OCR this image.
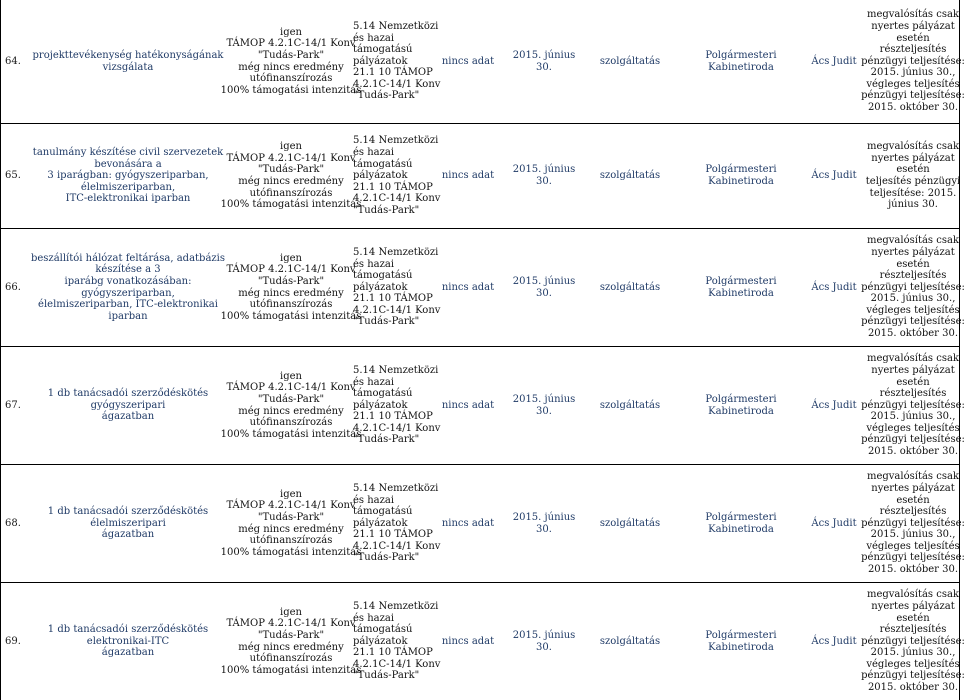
64.
projekttevékenység hatékonyságának vizsgálata
igen
TÁMOP 4.2.1C-14/1 Konv
"Tudás-Park"
még nincs eredmény
utófinanszírozás
100% támogatási intenzitás
5.14 Nemzetközi
és hazai
támogatású
pályázatok
21.1 10 TÁMOP
4.2.1C-14/1 Konv
"Tudás-Park"
nincs adat
2015. június 30.
szolgáltatás
Polgármesteri Kabinetiroda
Ács Judit
megvalósítás csak
nyertes pályázat
esetén
részteljesítés
pénzügyi teljesítése:
2015. június 30.,
végleges teljesítés
pénzügyi teljesítése:
2015. október 30.
65.
tanulmány készítése civil szervezetek bevonására a
3 iparágban: gyógyszeriparban, élelmiszeriparban,
ITC-elektronikai iparban
igen
TÁMOP 4.2.1C-14/1 Konv
"Tudás-Park"
még nincs eredmény
utófinanszírozás
100% támogatási intenzitás
5.14 Nemzetközi
és hazai
támogatású
pályázatok
21.1 10 TÁMOP
4.2.1C-14/1 Konv
"Tudás-Park"
nincs adat
2015. június 30.
szolgáltatás
Polgármesteri Kabinetiroda
Ács Judit
megvalósítás csak
nyertes pályázat
esetén
teljesítés pénzügyi
teljesítése: 2015.
június 30.
66.
beszállítói hálózat feltárása, adatbázis készítése a 3
iparábg vonatkozásában: gyógyszeriparban,
élelmiszeriparban, ITC-elektronikai iparban
igen
TÁMOP 4.2.1C-14/1 Konv
"Tudás-Park"
még nincs eredmény
utófinanszírozás
100% támogatási intenzitás
5.14 Nemzetközi
és hazai
támogatású
pályázatok
21.1 10 TÁMOP
4.2.1C-14/1 Konv
"Tudás-Park"
nincs adat
2015. június 30.
szolgáltatás
Polgármesteri Kabinetiroda
Ács Judit
megvalósítás csak
nyertes pályázat
esetén
részteljesítés
pénzügyi teljesítése:
2015. június 30.,
végleges teljesítés
pénzügyi teljesítése:
2015. október 30.
67.
1 db tanácsadói szerződéskötés gyógyszeripari
ágazatban
igen
TÁMOP 4.2.1C-14/1 Konv
"Tudás-Park"
még nincs eredmény
utófinanszírozás
100% támogatási intenzitás
5.14 Nemzetközi
és hazai
támogatású
pályázatok
21.1 10 TÁMOP
4.2.1C-14/1 Konv
"Tudás-Park"
nincs adat
2015. június 30.
szolgáltatás
Polgármesteri Kabinetiroda
Ács Judit
megvalósítás csak
nyertes pályázat
esetén
részteljesítés
pénzügyi teljesítése:
2015. június 30.,
végleges teljesítés
pénzügyi teljesítése:
2015. október 30.
68.
1 db tanácsadói szerződéskötés élelmiszeripari
ágazatban
igen
TÁMOP 4.2.1C-14/1 Konv
"Tudás-Park"
még nincs eredmény
utófinanszírozás
100% támogatási intenzitás
5.14 Nemzetközi
és hazai
támogatású
pályázatok
21.1 10 TÁMOP
4.2.1C-14/1 Konv
"Tudás-Park"
nincs adat
2015. június 30.
szolgáltatás
Polgármesteri Kabinetiroda
Ács Judit
megvalósítás csak
nyertes pályázat
esetén
részteljesítés
pénzügyi teljesítése:
2015. június 30.,
végleges teljesítés
pénzügyi teljesítése:
2015. október 30.
69.
1 db tanácsadói szerződéskötés elektronikai-ITC
ágazatban
igen
TÁMOP 4.2.1C-14/1 Konv
"Tudás-Park"
még nincs eredmény
utófinanszírozás
100% támogatási intenzitás
5.14 Nemzetközi
és hazai
támogatású
pályázatok
21.1 10 TÁMOP
4.2.1C-14/1 Konv
"Tudás-Park"
nincs adat
2015. június 30.
szolgáltatás
Polgármesteri Kabinetiroda
Ács Judit
megvalósítás csak
nyertes pályázat
esetén
részteljesítés
pénzügyi teljesítése:
2015. június 30.,
végleges teljesítés
pénzügyi teljesítése:
2015. október 30.
